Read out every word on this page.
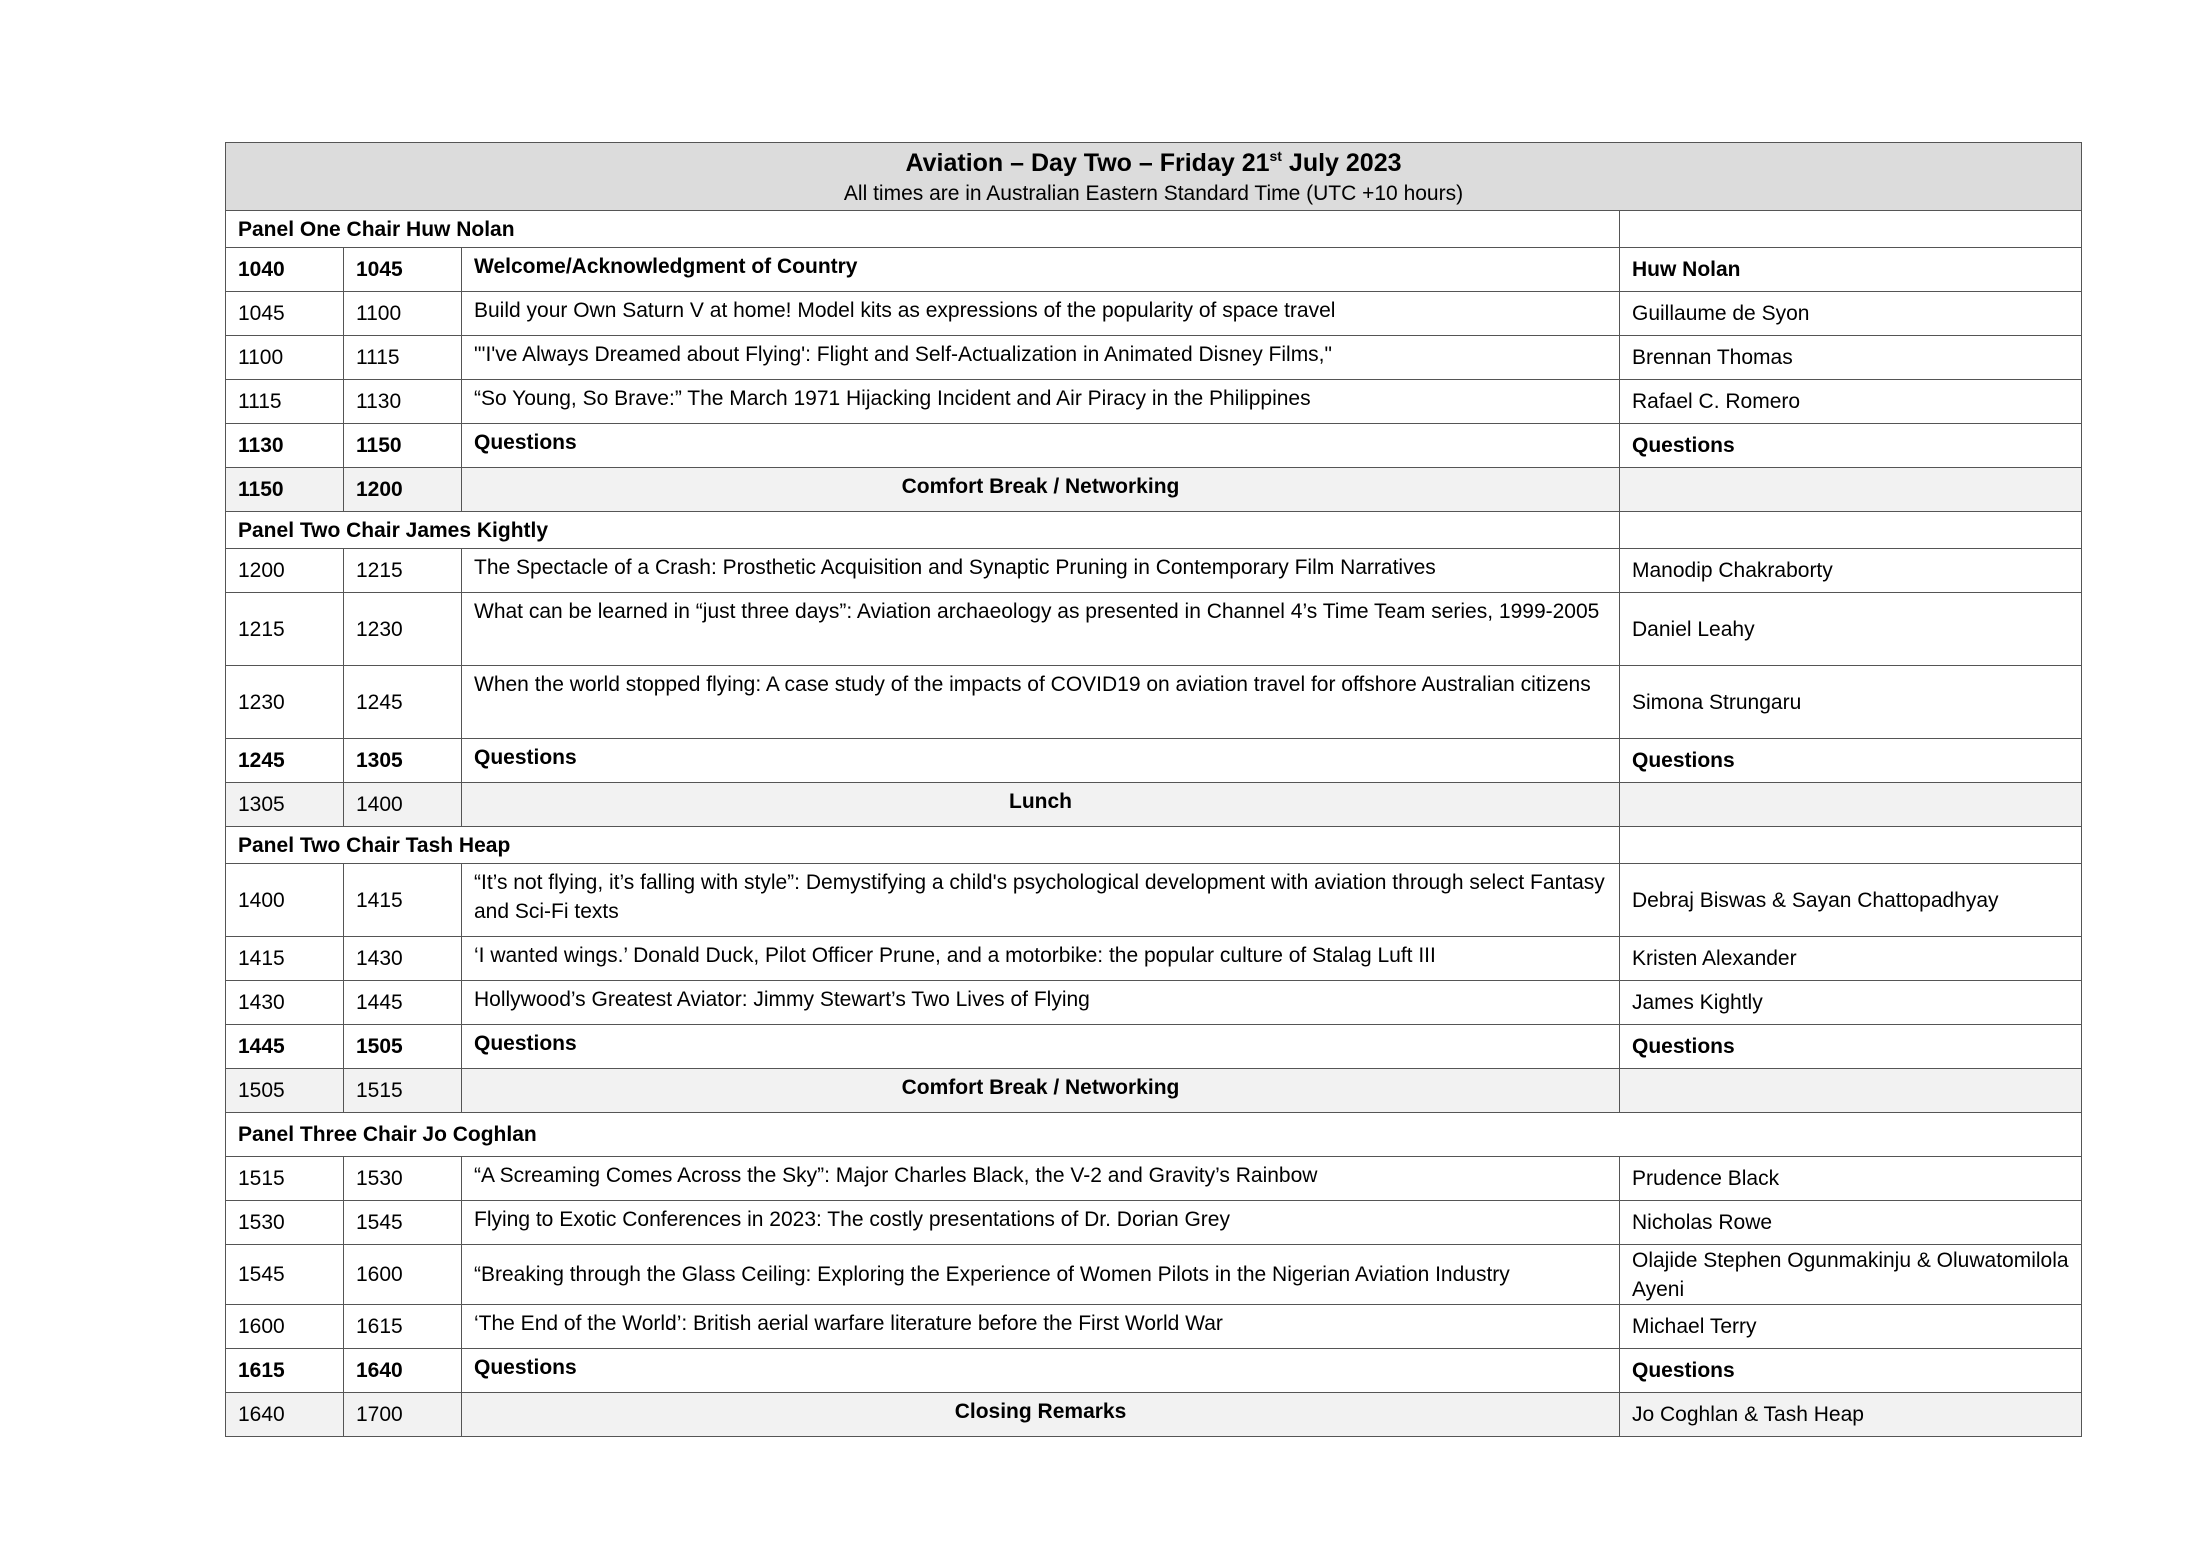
Aviation – Day Two – Friday 21st July 2023
All times are in Australian Eastern Standard Time (UTC +10 hours)			

Panel One Chair Huw Nolan			
1040	1045	Welcome/Acknowledgment of Country	Huw Nolan
1045	1100	Build your Own Saturn V at home! Model kits as expressions of the popularity of space travel	Guillaume de Syon
1100	1115	"'I've Always Dreamed about Flying': Flight and Self-Actualization in Animated Disney Films,"	Brennan Thomas
1115	1130	“So Young, So Brave:” The March 1971 Hijacking Incident and Air Piracy in the Philippines	Rafael C. Romero
1130	1150	Questions	Questions
1150	1200	Comfort Break / Networking	
Panel Two Chair James Kightly			
1200	1215	The Spectacle of a Crash: Prosthetic Acquisition and Synaptic Pruning in Contemporary Film Narratives	Manodip Chakraborty
1215	1230	What can be learned in “just three days”: Aviation archaeology as presented in Channel 4’s Time Team series, 1999-2005	Daniel Leahy
1230	1245	When the world stopped flying: A case study of the impacts of COVID19 on aviation travel for offshore Australian citizens	Simona Strungaru
1245	1305	Questions	Questions
1305	1400	Lunch	
Panel Two Chair Tash Heap			
1400	1415	“It’s not flying, it’s falling with style”: Demystifying a child's psychological development with aviation through select Fantasy and Sci-Fi texts	Debraj Biswas & Sayan Chattopadhyay
1415	1430	‘I wanted wings.’ Donald Duck, Pilot Officer Prune, and a motorbike: the popular culture of Stalag Luft III	Kristen Alexander
1430	1445	Hollywood’s Greatest Aviator: Jimmy Stewart’s Two Lives of Flying	James Kightly
1445	1505	Questions	Questions
1505	1515	Comfort Break / Networking	
Panel Three Chair Jo Coghlan			
1515	1530	“A Screaming Comes Across the Sky”: Major Charles Black, the V-2 and Gravity’s Rainbow	Prudence Black
1530	1545	Flying to Exotic Conferences in 2023: The costly presentations of Dr. Dorian Grey	Nicholas Rowe
1545	1600	“Breaking through the Glass Ceiling: Exploring the Experience of Women Pilots in the Nigerian Aviation Industry	Olajide Stephen Ogunmakinju & Oluwatomilola Ayeni
1600	1615	‘The End of the World’: British aerial warfare literature before the First World War	Michael Terry
1615	1640	Questions	Questions
1640	1700	Closing Remarks	Jo Coghlan & Tash Heap
